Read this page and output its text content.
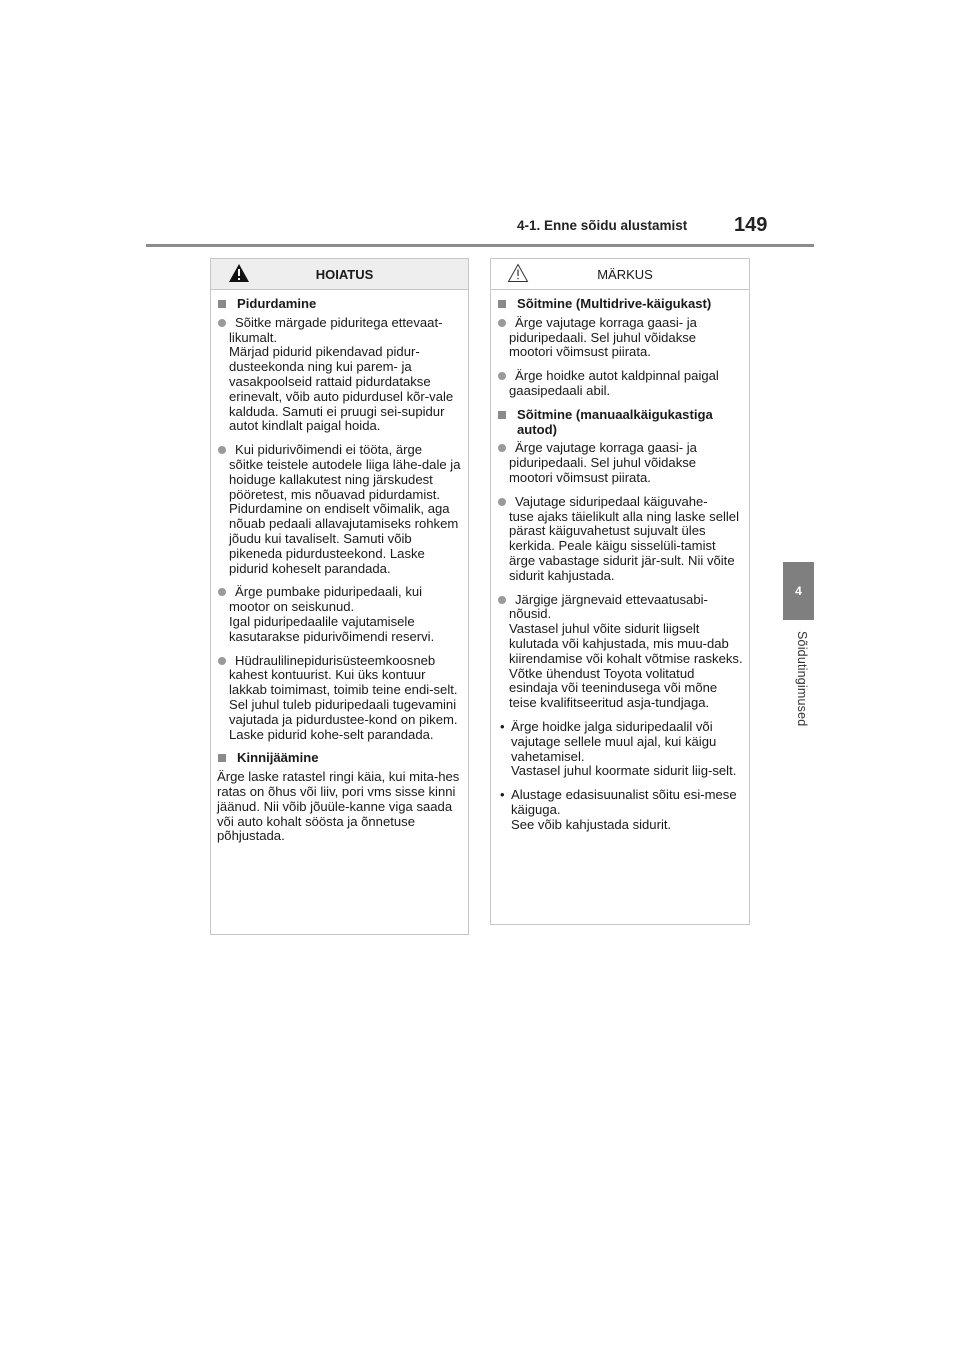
4-1. Enne sõidu alustamist 149
4
Sõidutingimused
HOIATUS
Pidurdamine

Sõitke märgade piduritega ettevaat-

likumalt.

Märjad pidurid pikendavad pidur-dusteekonda ning kui parem- ja vasakpoolseid rattaid pidurdatakse erinevalt, võib auto pidurdusel kõr-vale kalduda. Samuti ei pruugi sei-supidur autot kindlalt paigal hoida.

Kui pidurivõimendi ei tööta, ärge

sõitke teistele autodele liiga lähe-dale ja hoiduge kallakutest ning järskudest pööretest, mis nõuavad pidurdamist.

Pidurdamine on endiselt võimalik, aga nõuab pedaali allavajutamiseks rohkem jõudu kui tavaliselt. Samuti võib pikeneda pidurdusteekond. Laske pidurid koheselt parandada.

Ärge pumbake piduripedaali, kui

mootor on seiskunud.

Igal piduripedaalile vajutamisele kasutarakse pidurivõimendi reservi.

Hüdraulilinepidurisüsteemkoosneb

kahest kontuurist. Kui üks kontuur lakkab toimimast, toimib teine endi-selt. Sel juhul tuleb piduripedaali tugevamini vajutada ja pidurdustee-kond on pikem. Laske pidurid kohe-selt parandada.

Kinnijäämine

Ärge laske ratastel ringi käia, kui mita-hes ratas on õhus või liiv, pori vms sisse kinni jäänud. Nii võib jõuüle-kanne viga saada või auto kohalt söösta ja õnnetuse põhjustada.

MÄRKUS
Sõitmine (Multidrive-käigukast)

Ärge vajutage korraga gaasi- ja

piduripedaali. Sel juhul võidakse mootori võimsust piirata.

Ärge hoidke autot kaldpinnal paigal

gaasipedaali abil.

Sõitmine (manuaalkäigukastiga autod)

Ärge vajutage korraga gaasi- ja

piduripedaali. Sel juhul võidakse mootori võimsust piirata.

Vajutage siduripedaal käiguvahe-

tuse ajaks täielikult alla ning laske sellel pärast käiguvahetust sujuvalt üles kerkida. Peale käigu sisselüli-tamist ärge vabastage sidurit jär-sult. Nii võite sidurit kahjustada.

Järgige järgnevaid ettevaatusabi-

nõusid.

Vastasel juhul võite sidurit liigselt kulutada või kahjustada, mis muu-dab kiirendamise või kohalt võtmise raskeks. Võtke ühendust Toyota volitatud esindaja või teenindusega või mõne teise kvalifitseeritud asja-tundjaga.

• Ärge hoidke jalga siduripedaalil või vajutage sellele muul ajal, kui käigu vahetamisel.

Vastasel juhul koormate sidurit liig-selt.

• Alustage edasisuunalist sõitu esi-mese käiguga.

See võib kahjustada sidurit.
